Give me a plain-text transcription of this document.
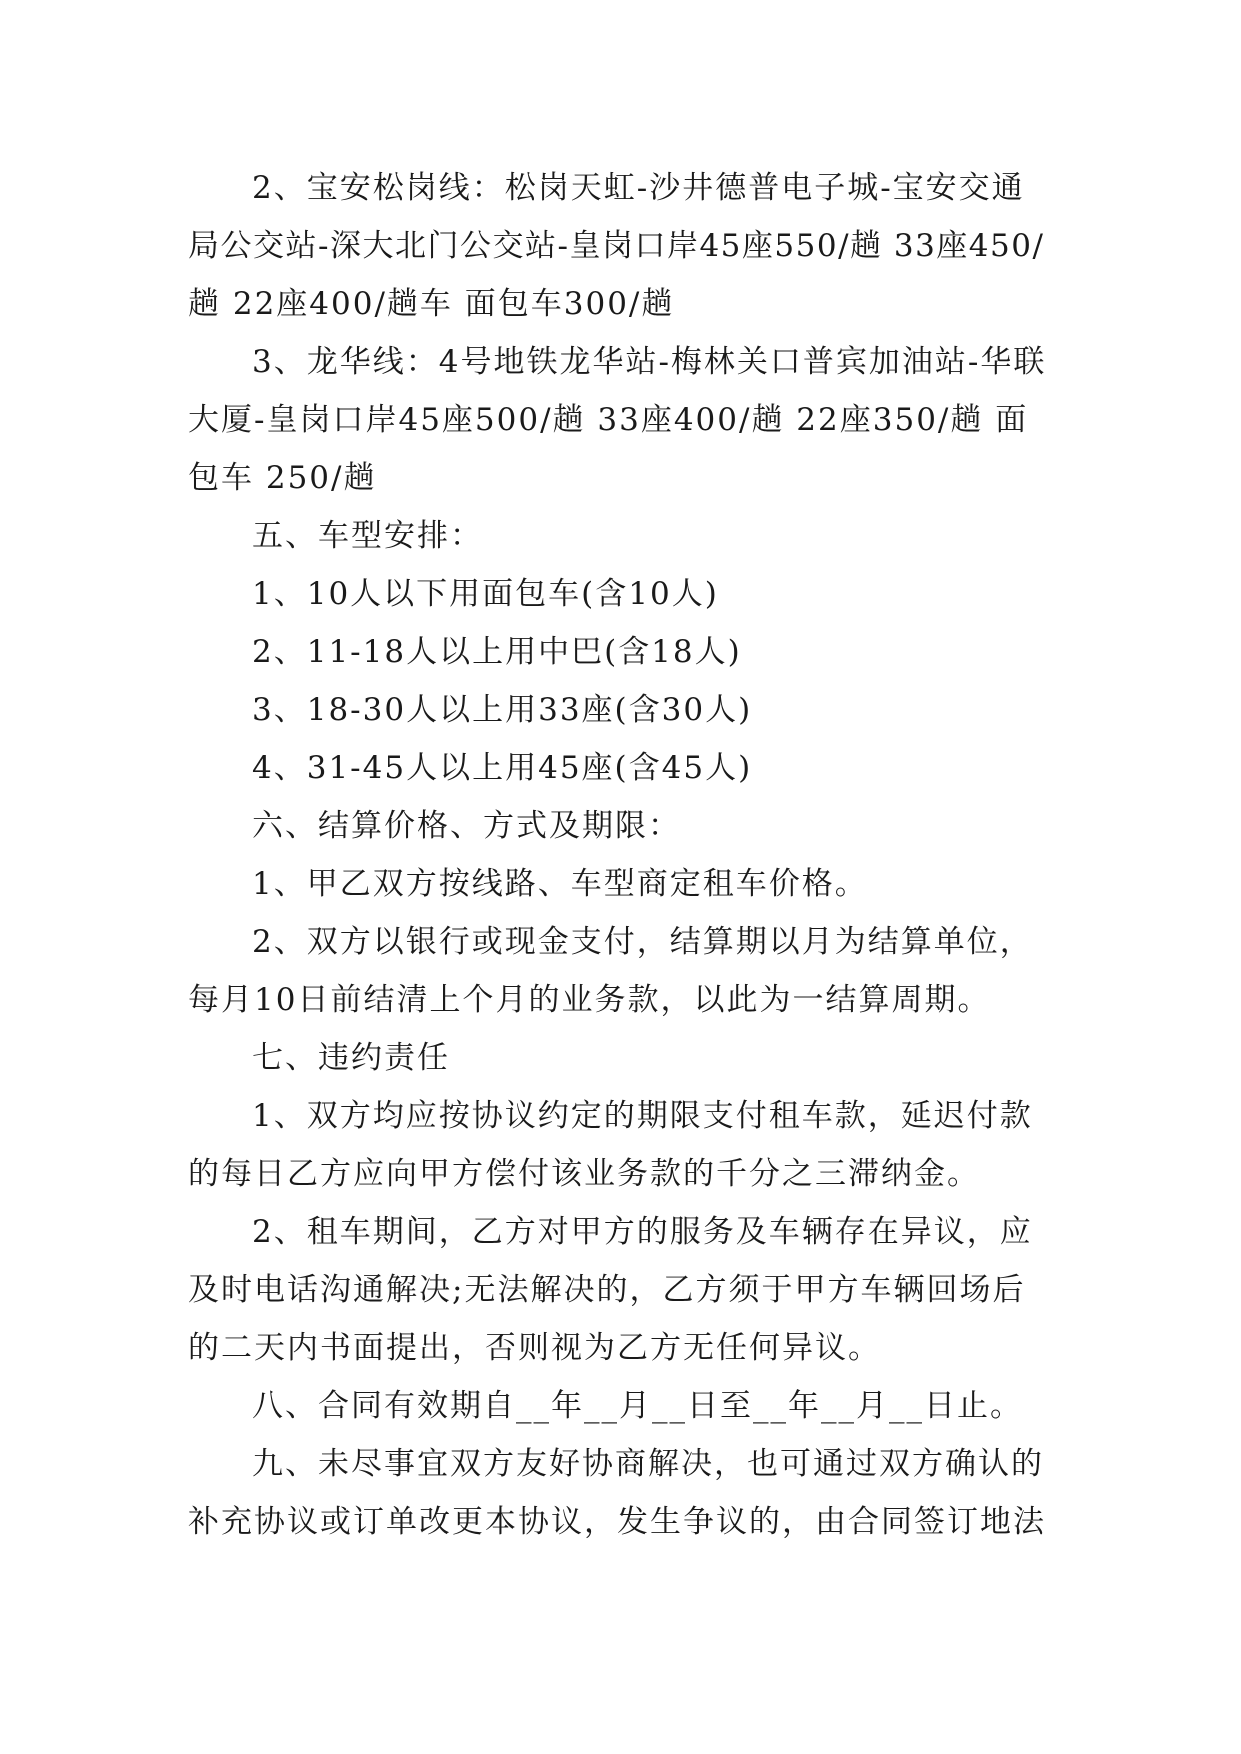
2、宝安松岗线：松岗天虹-沙井德普电子城-宝安交通
局公交站-深大北门公交站-皇岗口岸45座550/趟 33座450/
趟 22座400/趟车 面包车300/趟
3、龙华线：4号地铁龙华站-梅林关口普宾加油站-华联
大厦-皇岗口岸45座500/趟 33座400/趟 22座350/趟 面
包车 250/趟
五、车型安排：
1、10人以下用面包车(含10人)
2、11-18人以上用中巴(含18人)
3、18-30人以上用33座(含30人)
4、31-45人以上用45座(含45人)
六、结算价格、方式及期限：
1、甲乙双方按线路、车型商定租车价格。
2、双方以银行或现金支付，结算期以月为结算单位，
每月10日前结清上个月的业务款，以此为一结算周期。
七、违约责任
1、双方均应按协议约定的期限支付租车款，延迟付款
的每日乙方应向甲方偿付该业务款的千分之三滞纳金。
2、租车期间，乙方对甲方的服务及车辆存在异议，应
及时电话沟通解决;无法解决的，乙方须于甲方车辆回场后
的二天内书面提出，否则视为乙方无任何异议。
八、合同有效期自__年__月__日至__年__月__日止。
九、未尽事宜双方友好协商解决，也可通过双方确认的
补充协议或订单改更本协议，发生争议的，由合同签订地法
